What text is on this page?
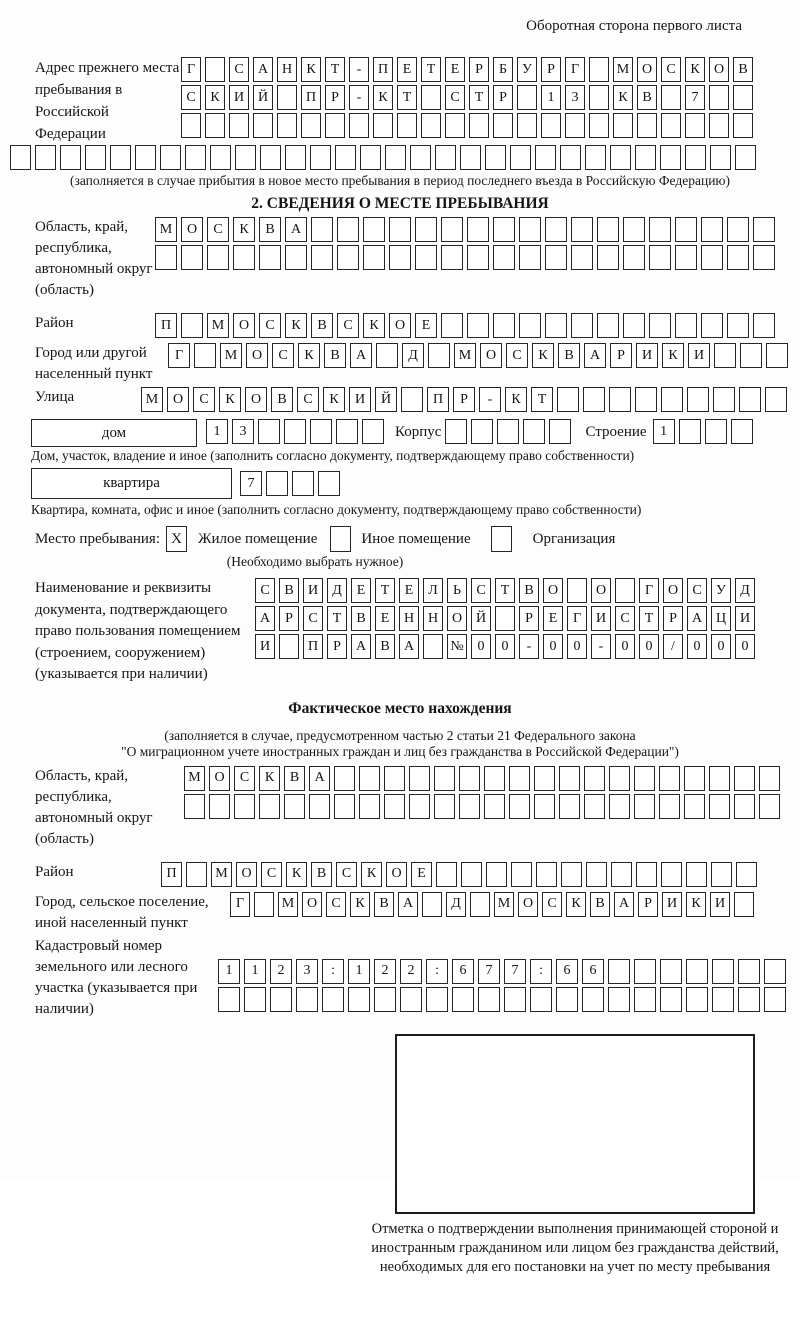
Оборотная сторона первого листа
Адрес прежнего места пребывания в Российской Федерации
Г	С	А Н	К	Т	-	П	Е	Т	Е	Р	Б	У	Р	Г	М О	С	К	О	В
С	К	И Й	П	Р	-	К	Т	С	Т	Р	1	3	К	В	7
(заполняется в случае прибытия в новое место пребывания в период последнего въезда в Российскую Федерацию)
2. СВЕДЕНИЯ О МЕСТЕ ПРЕБЫВАНИЯ
Область, край, республика, автономный округ (область)
М	О	С	К	В	А
Район	П	М	О	С	К	В	С	К	О	Е
Город или другой населенный пункт
Г	М	О	С	К	В	А	Д	М	О	С	К	В	А	Р	И	К	И
Улица	М	О	С	К	О	В	С	К	И	Й	П	Р	-	К	Т
дом	1	3	Корпус	Строение 1
Дом, участок, владение и иное (заполнить согласно документу, подтверждающему право собственности)
квартира	7
Квартира, комната, офис и иное (заполнить согласно документу, подтверждающему право собственности)
Место пребывания: X	Жилое помещение	Иное помещение	Организация
(Необходимо выбрать нужное)
Наименование и реквизиты документа, подтверждающего право пользования помещением (строением, сооружением) (указывается при наличии)
С	В	И	Д	Е	Т	Е	Л	Ь	С	Т	В	О	О	Г	О	С	У	Д
А	Р	С	Т	В	Е	Н Н О Й	Р	Е	Г	И	С	Т	Р	А Ц И
И	П	Р	А	В	А	№ 0	0	-	0	0	-	0	0	/	0	0	0
Фактическое место нахождения
(заполняется в случае, предусмотренном частью 2 статьи 21 Федерального закона
"О миграционном учете иностранных граждан и лиц без гражданства в Российской Федерации")
Область, край, республика, автономный округ (область)
М О	С	К	В	А
Район	П	М О	С	К	В	С	К	О	Е
Город, сельское поселение, иной населенный пункт
Г	М О	С	К	В	А	Д	М О	С	К	В	А	Р	И	К	И
Кадастровый номер земельного или лесного участка (указывается при наличии)
1	1	2	3	:	1	2	2	:	6	7	7	:	6	6
Отметка о подтверждении выполнения принимающей стороной и иностранным гражданином или лицом без гражданства действий, необходимых для его постановки на учет по месту пребывания
